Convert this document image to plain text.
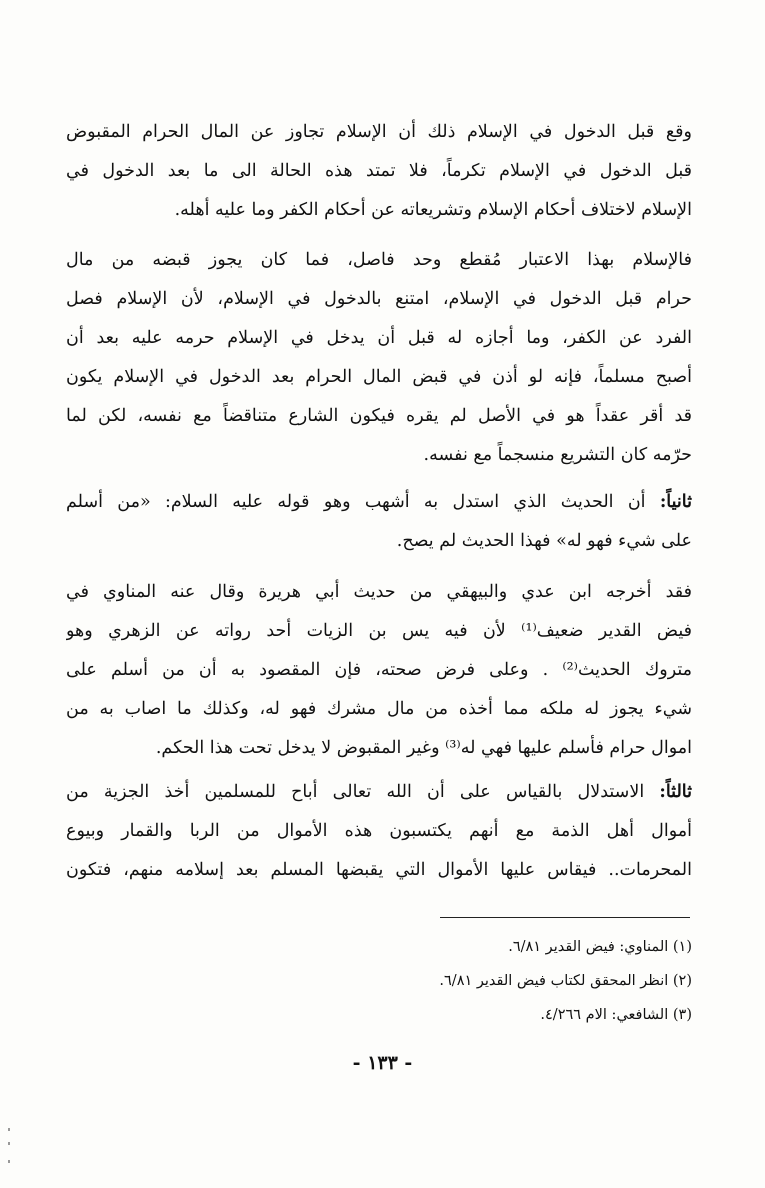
وقع قبل الدخول في الإسلام ذلك أن الإسلام تجاوز عن المال الحرام المقبوض
قبل الدخول في الإسلام تكرماً، فلا تمتد هذه الحالة الى ما بعد الدخول في
الإسلام لاختلاف أحكام الإسلام وتشريعاته عن أحكام الكفر وما عليه أهله.
فالإسلام بهذا الاعتبار مُقطع وحد فاصل، فما كان يجوز قبضه من مال
حرام قبل الدخول في الإسلام، امتنع بالدخول في الإسلام، لأن الإسلام فصل
الفرد عن الكفر، وما أجازه له قبل أن يدخل في الإسلام حرمه عليه بعد أن
أصبح مسلماً، فإنه لو أذن في قبض المال الحرام بعد الدخول في الإسلام يكون
قد أقر عقداً هو في الأصل لم يقره فيكون الشارع متناقضاً مع نفسه، لكن لما
حرّمه كان التشريع منسجماً مع نفسه.
ثانياً: أن الحديث الذي استدل به أشهب وهو قوله عليه السلام: «من أسلم
على شيء فهو له» فهذا الحديث لم يصح.
فقد أخرجه ابن عدي والبيهقي من حديث أبي هريرة وقال عنه المناوي في
فيض القدير ضعيف⁽¹⁾ لأن فيه يس بن الزيات أحد رواته عن الزهري وهو
متروك الحديث⁽²⁾ . وعلى فرض صحته، فإن المقصود به أن من أسلم على
شيء يجوز له ملكه مما أخذه من مال مشرك فهو له، وكذلك ما اصاب به من
اموال حرام فأسلم عليها فهي له⁽³⁾ وغير المقبوض لا يدخل تحت هذا الحكم.
ثالثاً: الاستدلال بالقياس على أن الله تعالى أباح للمسلمين أخذ الجزية من
أموال أهل الذمة مع أنهم يكتسبون هذه الأموال من الربا والقمار وبيوع
المحرمات.. فيقاس عليها الأموال التي يقبضها المسلم بعد إسلامه منهم، فتكون
(١) المناوي: فيض القدير ٦/٨١.
(٢) انظر المحقق لكتاب فيض القدير ٦/٨١.
(٣) الشافعي: الام ٤/٢٦٦.
- ١٣٣ -
